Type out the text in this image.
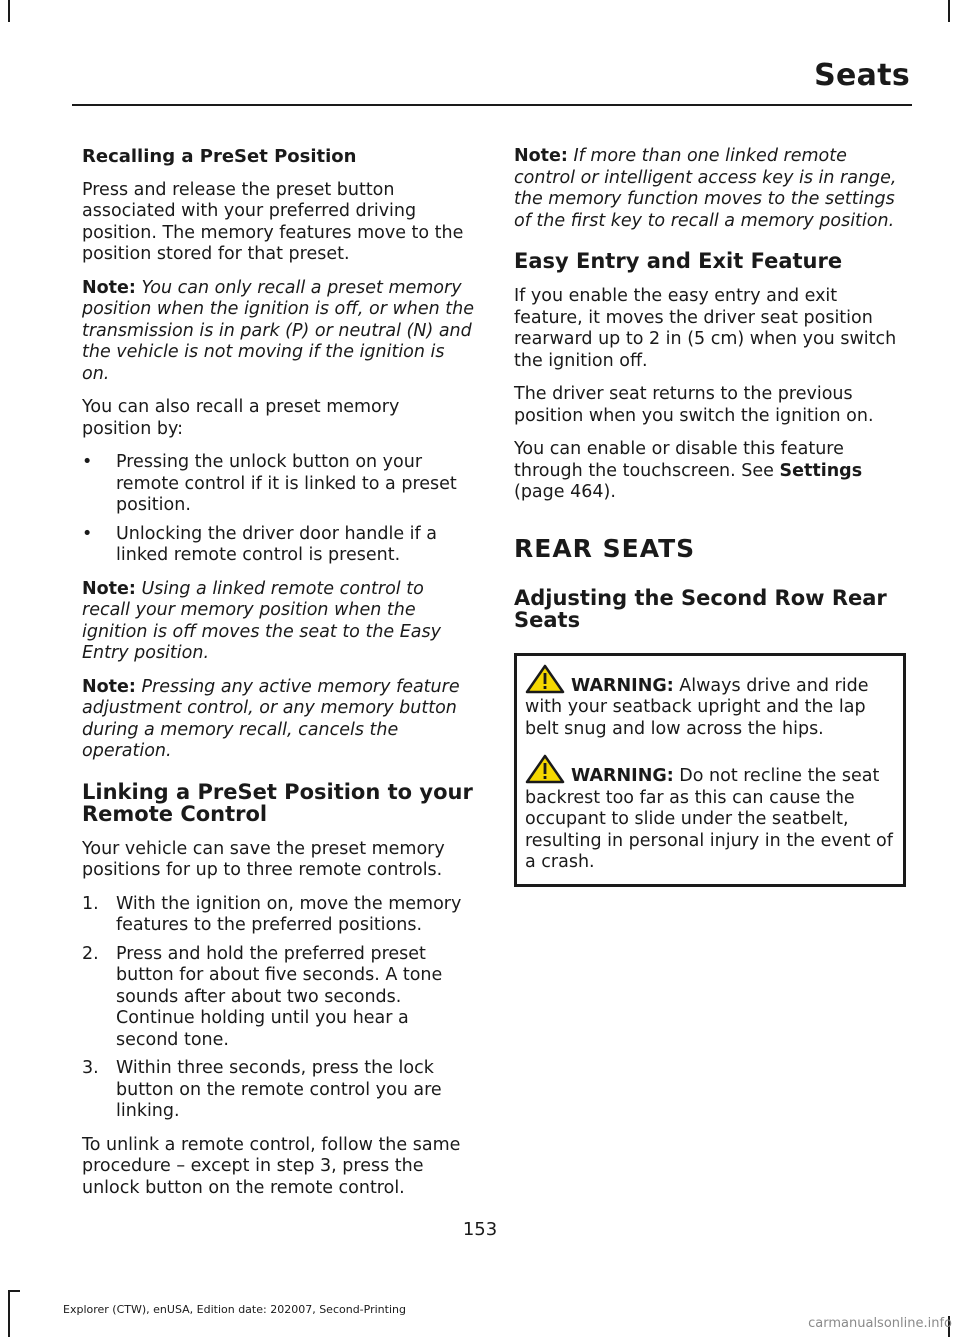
Seats

Recalling a PreSet Position

Press and release the preset button associated with your preferred driving position. The memory features move to the position stored for that preset.

Note: You can only recall a preset memory position when the ignition is off, or when the transmission is in park (P) or neutral (N) and the vehicle is not moving if the ignition is on.

You can also recall a preset memory position by:

• Pressing the unlock button on your remote control if it is linked to a preset position.
• Unlocking the driver door handle if a linked remote control is present.

Note: Using a linked remote control to recall your memory position when the ignition is off moves the seat to the Easy Entry position.

Note: Pressing any active memory feature adjustment control, or any memory button during a memory recall, cancels the operation.

Linking a PreSet Position to your Remote Control

Your vehicle can save the preset memory positions for up to three remote controls.

1. With the ignition on, move the memory features to the preferred positions.
2. Press and hold the preferred preset button for about five seconds. A tone sounds after about two seconds. Continue holding until you hear a second tone.
3. Within three seconds, press the lock button on the remote control you are linking.

To unlink a remote control, follow the same procedure – except in step 3, press the unlock button on the remote control.

Note: If more than one linked remote control or intelligent access key is in range, the memory function moves to the settings of the first key to recall a memory position.

Easy Entry and Exit Feature

If you enable the easy entry and exit feature, it moves the driver seat position rearward up to 2 in (5 cm) when you switch the ignition off.

The driver seat returns to the previous position when you switch the ignition on.

You can enable or disable this feature through the touchscreen. See Settings (page 464).

REAR SEATS
Adjusting the Second Row Rear Seats

WARNING: Always drive and ride with your seatback upright and the lap belt snug and low across the hips.

WARNING: Do not recline the seat backrest too far as this can cause the occupant to slide under the seatbelt, resulting in personal injury in the event of a crash.

153
Explorer (CTW), enUSA, Edition date: 202007, Second-Printing
carmanualsonline.info
